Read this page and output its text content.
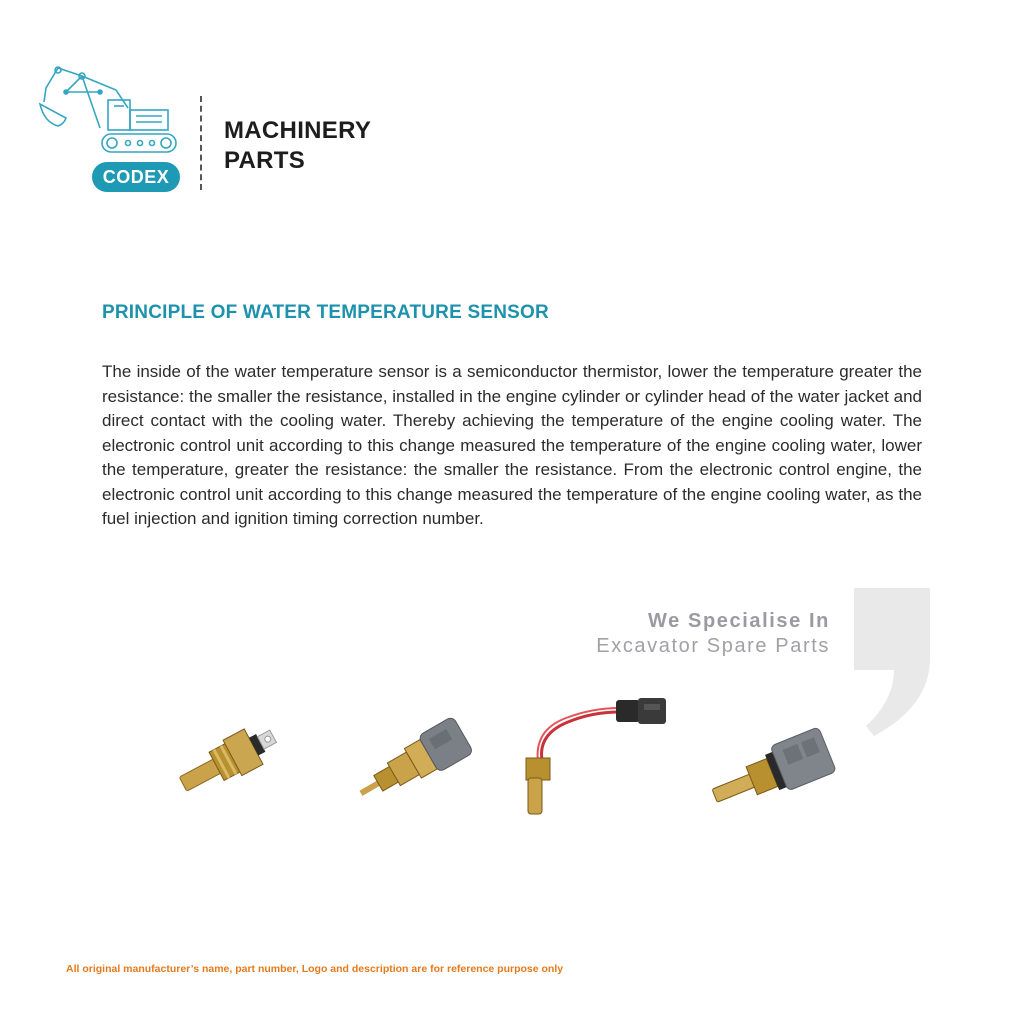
CODEX
MACHINERY
PARTS
PRINCIPLE OF WATER TEMPERATURE SENSOR
The inside of the water temperature sensor is a semiconductor thermistor, lower the temperature greater the resistance: the smaller the resistance, installed in the engine cylinder or cylinder head of the water jacket and direct contact with the cooling water. Thereby achieving the temperature of the engine cooling water. The electronic control unit according to this change measured the temperature of the engine cooling water, lower the temperature, greater the resistance: the smaller the resistance. From the electronic control engine, the electronic control unit according to this change measured the temperature of the engine cooling water, as the fuel injection and ignition timing correction number.
We Specialise In
Excavator Spare Parts
All original manufacturer’s name, part number, Logo and description are for reference purpose only
